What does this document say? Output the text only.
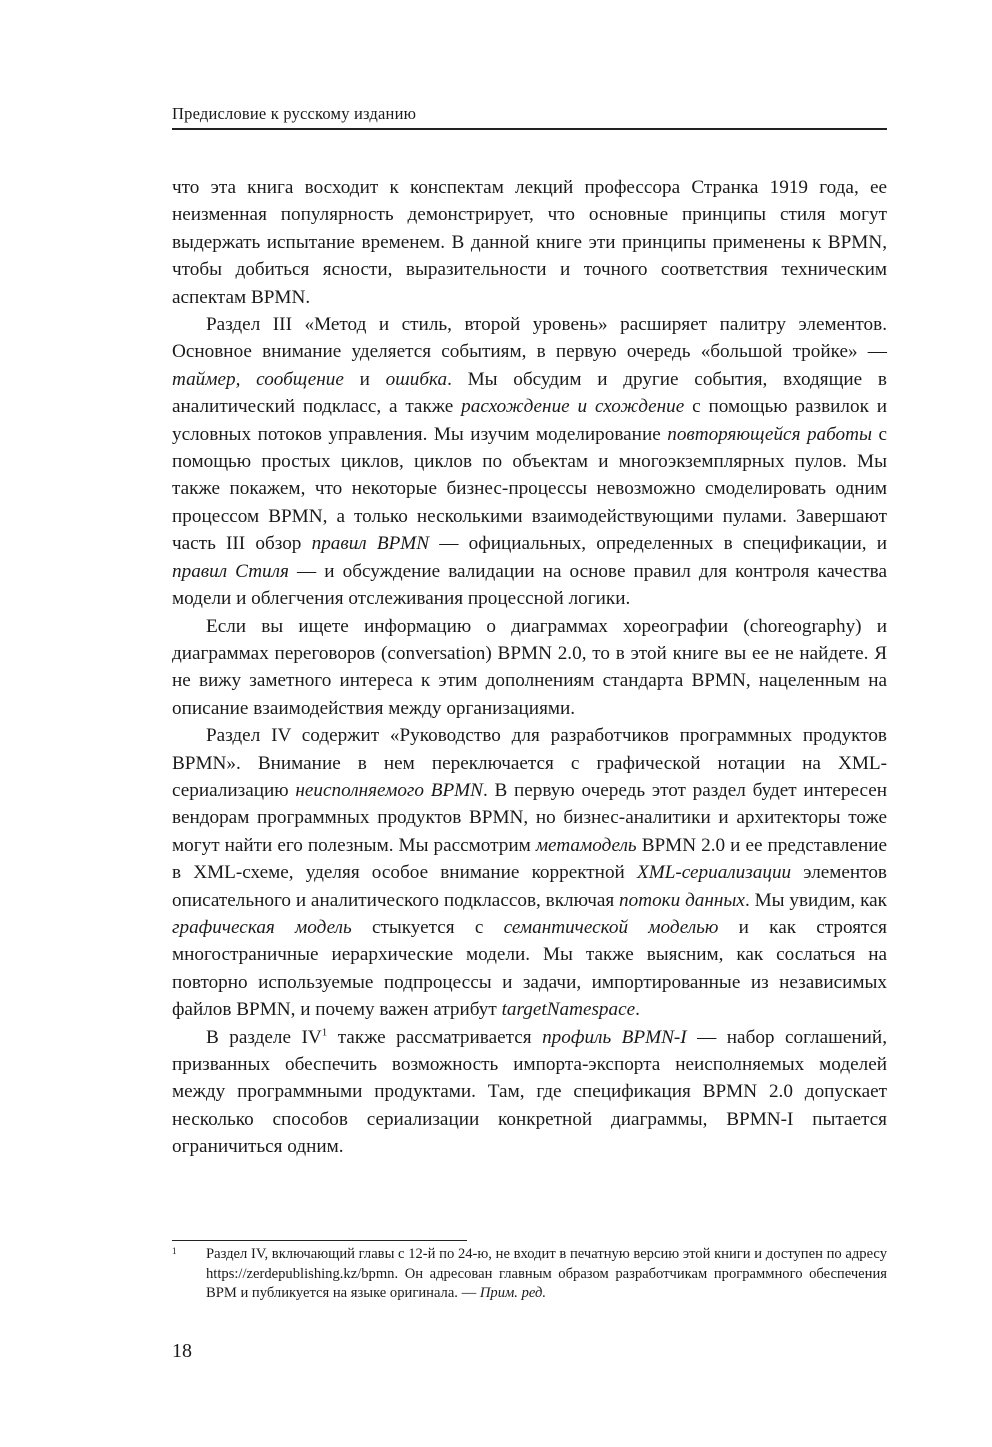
Предисловие к русскому изданию

что эта книга восходит к конспектам лекций профессора Странка 1919 года, ее неизменная популярность демонстрирует, что основные принципы стиля могут выдержать испытание временем. В данной книге эти принципы применены к BPMN, чтобы добиться ясности, выразительности и точного соответствия техническим аспектам BPMN.

Раздел III «Метод и стиль, второй уровень» расширяет палитру элементов. Основное внимание уделяется событиям, в первую очередь «большой тройке» — таймер, сообщение и ошибка. Мы обсудим и другие события, входящие в аналитический подкласс, а также расхождение и схождение с помощью развилок и условных потоков управления. Мы изучим моделирование повторяющейся работы с помощью простых циклов, циклов по объектам и многоэкземплярных пулов. Мы также покажем, что некоторые бизнес-процессы невозможно смоделировать одним процессом BPMN, а только несколькими взаимодействующими пулами. Завершают часть III обзор правил BPMN — официальных, определенных в спецификации, и правил Стиля — и обсуждение валидации на основе правил для контроля качества модели и облегчения отслеживания процессной логики.

Если вы ищете информацию о диаграммах хореографии (choreography) и диаграммах переговоров (conversation) BPMN 2.0, то в этой книге вы ее не найдете. Я не вижу заметного интереса к этим дополнениям стандарта BPMN, нацеленным на описание взаимодействия между организациями.

Раздел IV содержит «Руководство для разработчиков программных продуктов BPMN». Внимание в нем переключается с графической нотации на XML-сериализацию неисполняемого BPMN. В первую очередь этот раздел будет интересен вендорам программных продуктов BPMN, но бизнес-аналитики и архитекторы тоже могут найти его полезным. Мы рассмотрим метамодель BPMN 2.0 и ее представление в XML-схеме, уделяя особое внимание корректной XML-сериализации элементов описательного и аналитического подклассов, включая потоки данных. Мы увидим, как графическая модель стыкуется с семантической моделью и как строятся многостраничные иерархические модели. Мы также выясним, как сослаться на повторно используемые подпроцессы и задачи, импортированные из независимых файлов BPMN, и почему важен атрибут targetNamespace.

В разделе $IV^1$ также рассматривается профиль BPMN-I — набор соглашений, призванных обеспечить возможность импорта-экспорта неисполняемых моделей между программными продуктами. Там, где спецификация BPMN 2.0 допускает несколько способов сериализации конкретной диаграммы, BPMN-I пытается ограничиться одним.

1 Раздел IV, включающий главы с 12-й по 24-ю, не входит в печатную версию этой книги и доступен по адресу https://zerdepublishing.kz/bpmn. Он адресован главным образом разработчикам программного обеспечения BPM и публикуется на языке оригинала. — Прим. ред.
18
